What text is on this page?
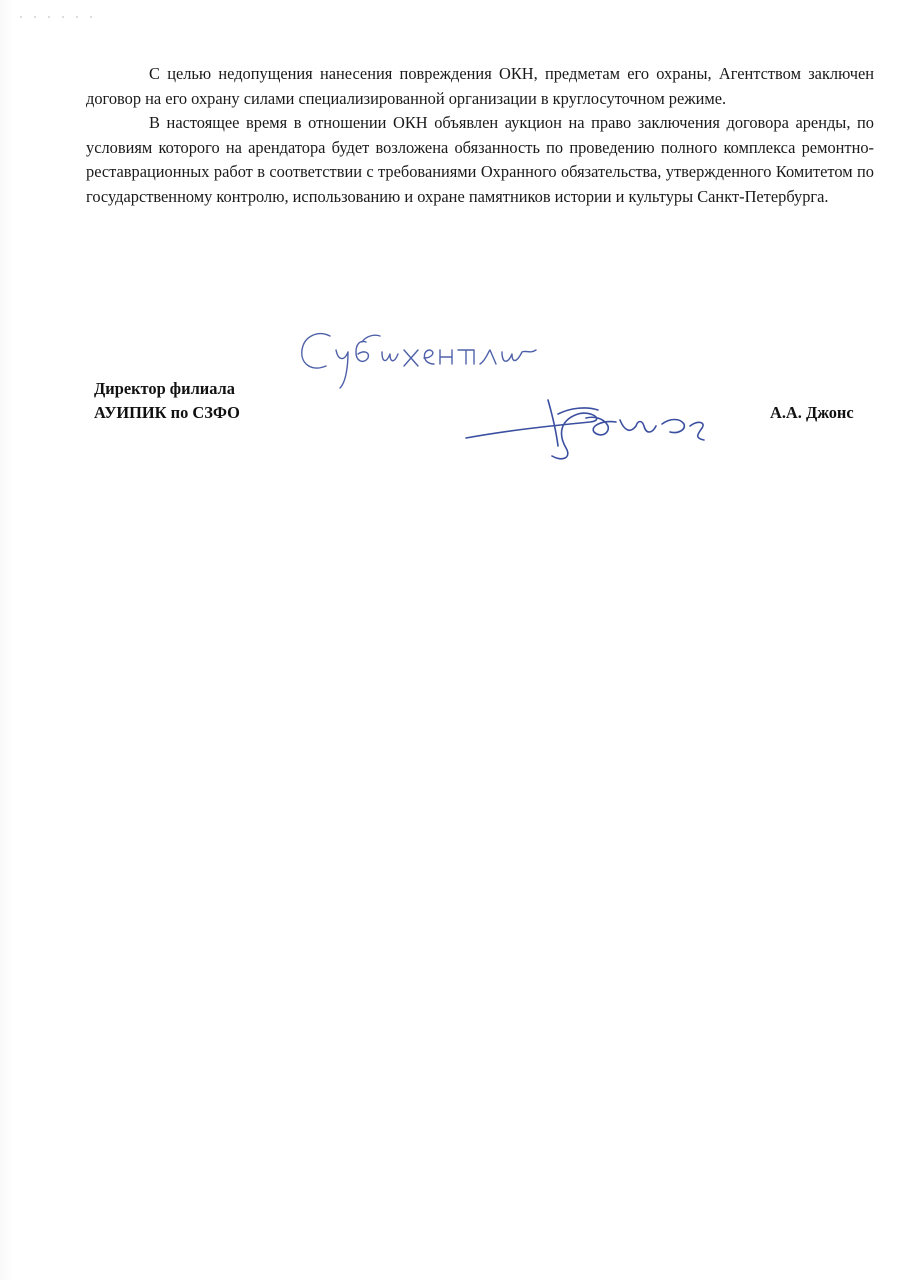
С целью недопущения нанесения повреждения ОКН, предметам его охраны, Агентством заключен договор на его охрану силами специализированной организации в круглосуточном режиме.

В настоящее время в отношении ОКН объявлен аукцион на право заключения договора аренды, по условиям которого на арендатора будет возложена обязанность по проведению полного комплекса ремонтно-реставрационных работ в соответствии с требованиями Охранного обязательства, утвержденного Комитетом по государственному контролю, использованию и охране памятников истории и культуры Санкт-Петербурга.

Директор филиала
АУИПИК по СЗФО	А.А. Джонс
